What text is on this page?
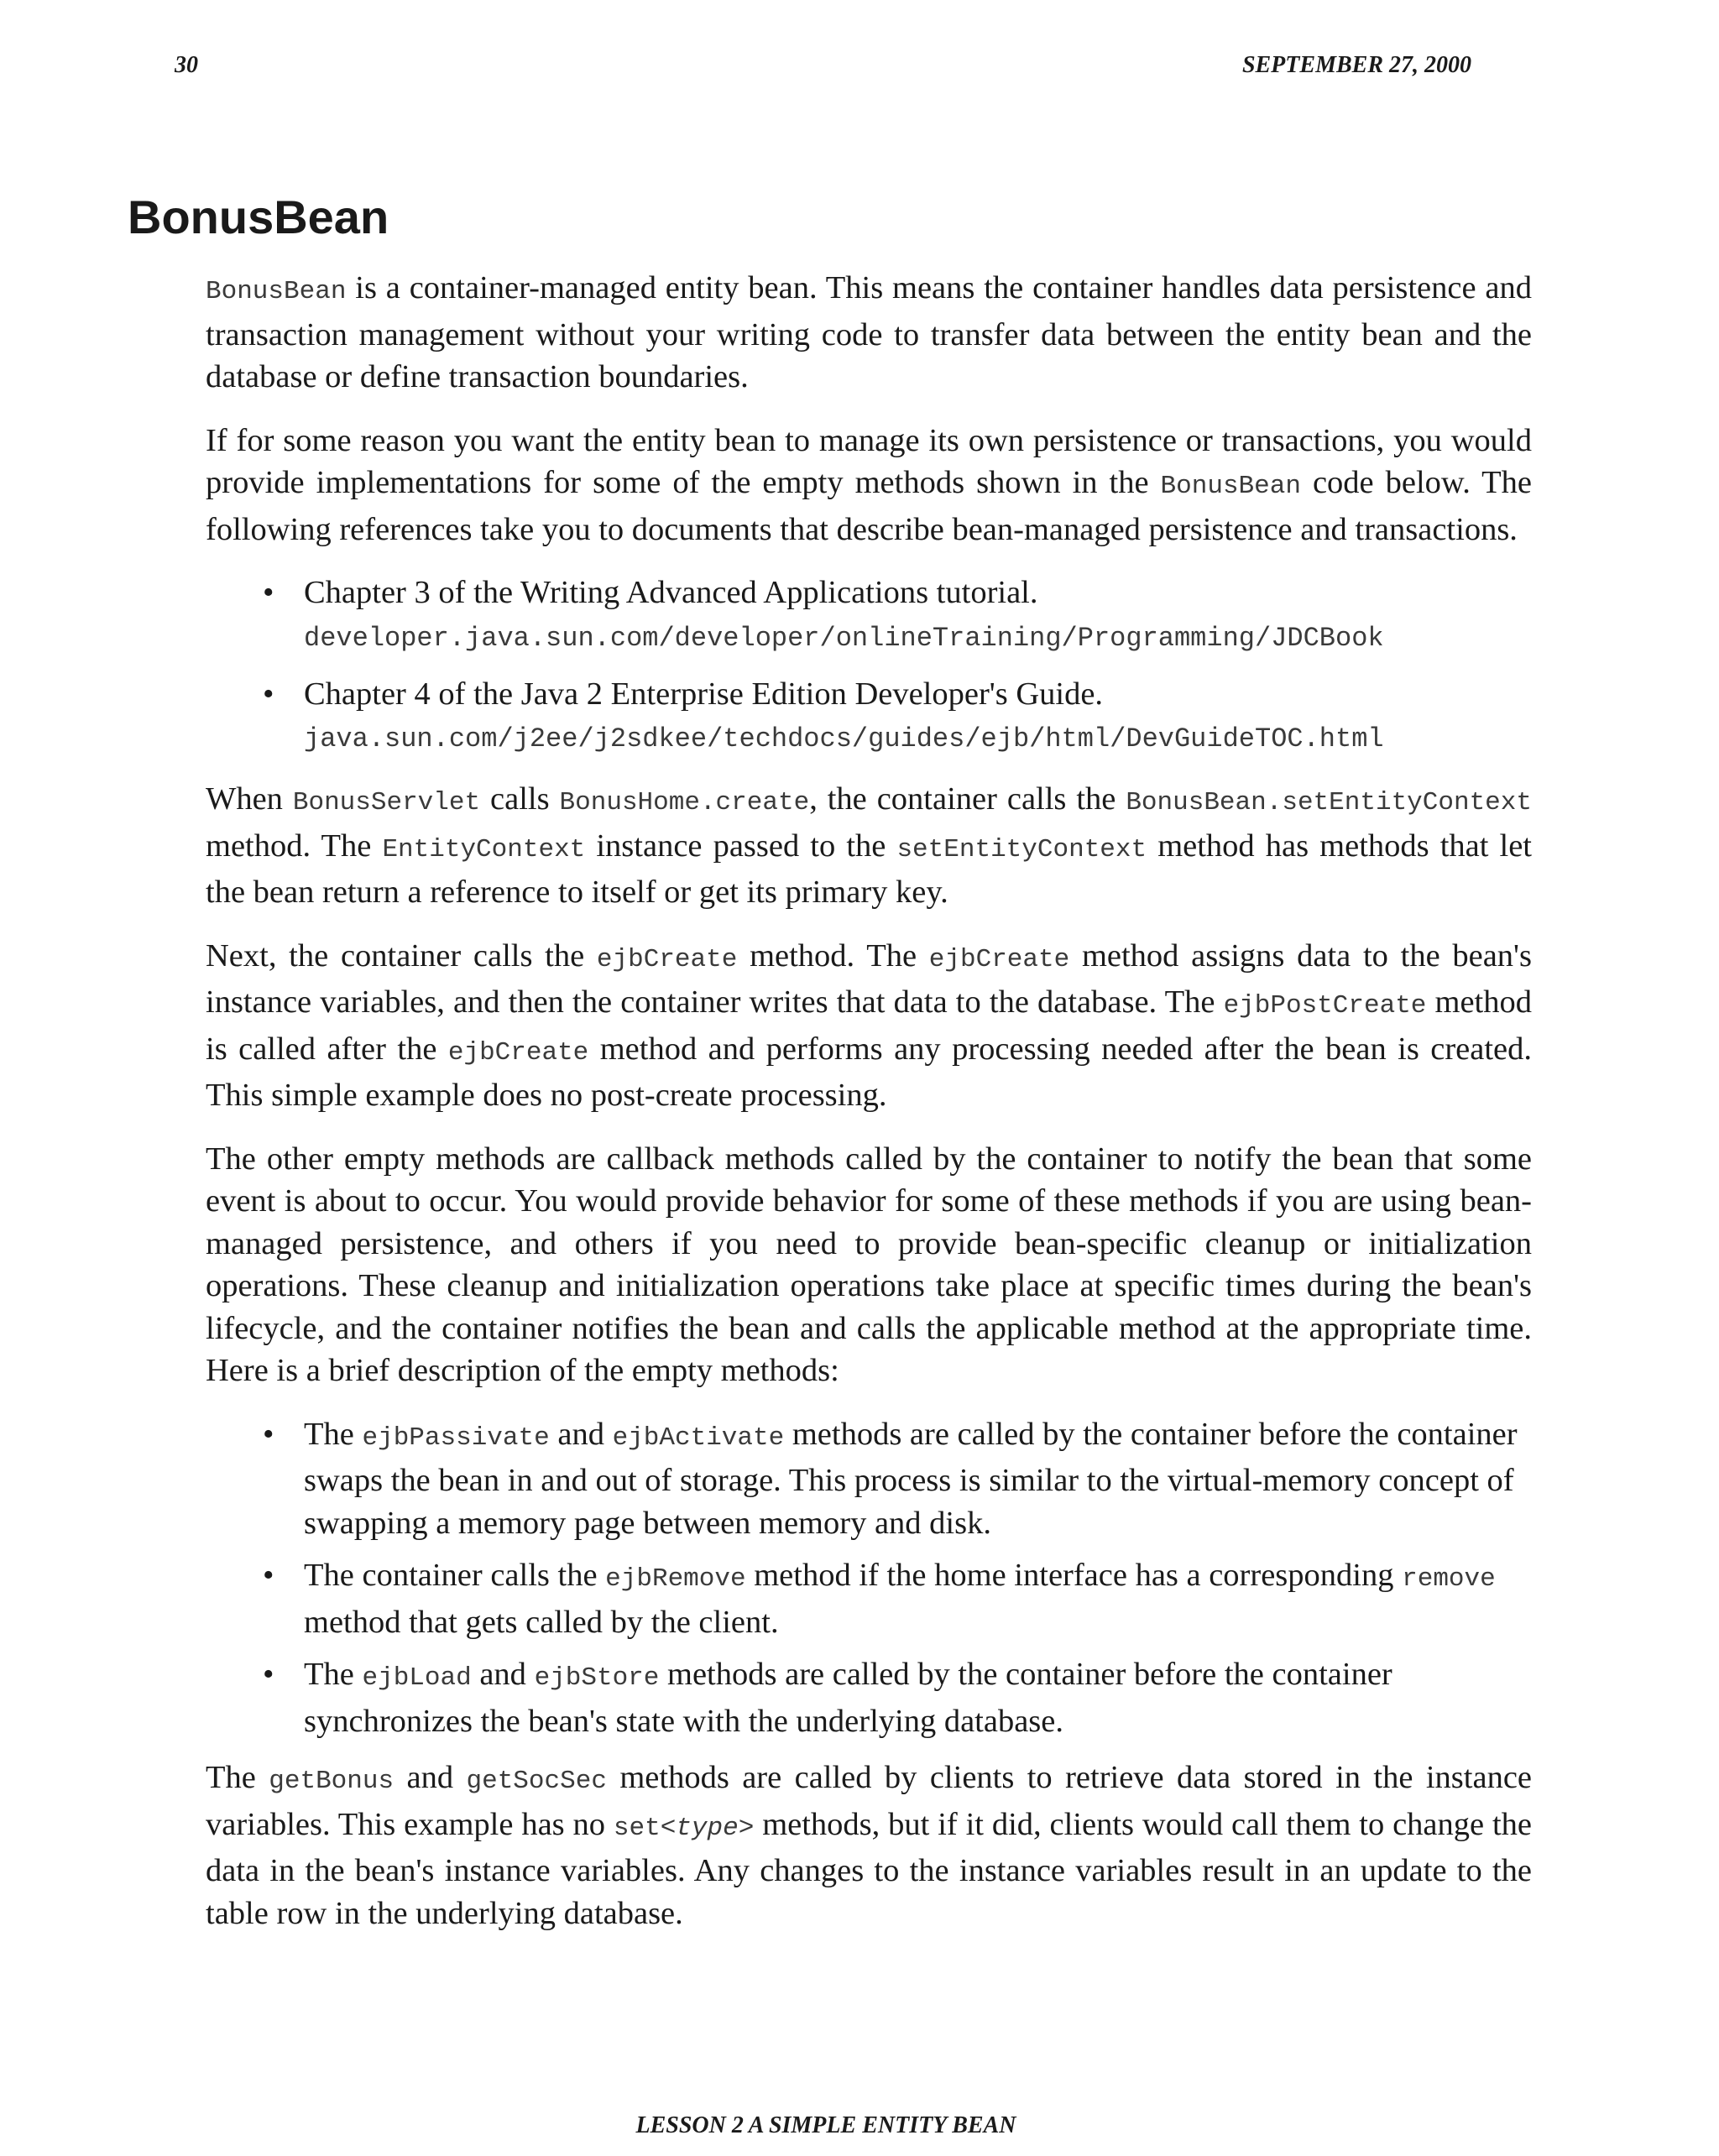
30	SEPTEMBER 27, 2000
BonusBean

BonusBean is a container-managed entity bean. This means the container handles data persistence and transaction management without your writing code to transfer data between the entity bean and the database or define transaction boundaries.

If for some reason you want the entity bean to manage its own persistence or transactions, you would provide implementations for some of the empty methods shown in the BonusBean code below. The following references take you to documents that describe bean-managed persistence and transactions.

• Chapter 3 of the Writing Advanced Applications tutorial.
developer.java.sun.com/developer/onlineTraining/Programming/JDCBook
• Chapter 4 of the Java 2 Enterprise Edition Developer's Guide.
java.sun.com/j2ee/j2sdkee/techdocs/guides/ejb/html/DevGuideTOC.html

When BonusServlet calls BonusHome.create, the container calls the BonusBean.setEntityContext method. The EntityContext instance passed to the setEntityContext method has methods that let the bean return a reference to itself or get its primary key.

Next, the container calls the ejbCreate method. The ejbCreate method assigns data to the bean's instance variables, and then the container writes that data to the database. The ejbPostCreate method is called after the ejbCreate method and performs any processing needed after the bean is created. This simple example does no post-create processing.

The other empty methods are callback methods called by the container to notify the bean that some event is about to occur. You would provide behavior for some of these methods if you are using bean-managed persistence, and others if you need to provide bean-specific cleanup or initialization operations. These cleanup and initialization operations take place at specific times during the bean's lifecycle, and the container notifies the bean and calls the applicable method at the appropriate time. Here is a brief description of the empty methods:

• The ejbPassivate and ejbActivate methods are called by the container before the container swaps the bean in and out of storage. This process is similar to the virtual-memory concept of swapping a memory page between memory and disk.
• The container calls the ejbRemove method if the home interface has a corresponding remove method that gets called by the client.
• The ejbLoad and ejbStore methods are called by the container before the container synchronizes the bean's state with the underlying database.

The getBonus and getSocSec methods are called by clients to retrieve data stored in the instance variables. This example has no set<type> methods, but if it did, clients would call them to change the data in the bean's instance variables. Any changes to the instance variables result in an update to the table row in the underlying database.

LESSON 2 A SIMPLE ENTITY BEAN
